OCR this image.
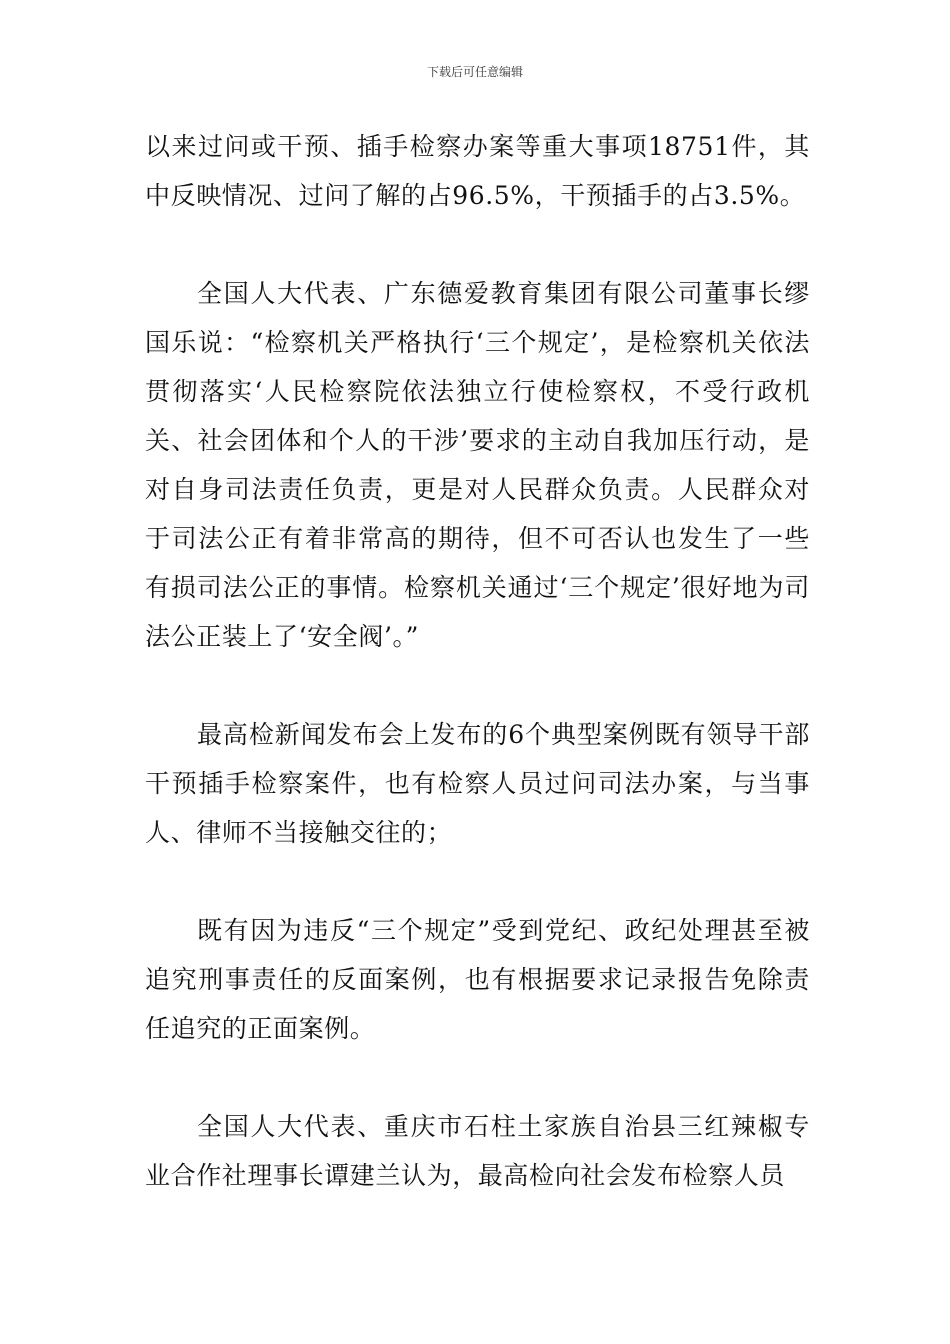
下载后可任意编辑

以来过问或干预、插手检察办案等重大事项18751件，其中反映情况、过问了解的占96.5%，干预插手的占3.5%。

全国人大代表、广东德爱教育集团有限公司董事长缪国乐说：“检察机关严格执行‘三个规定’，是检察机关依法贯彻落实‘人民检察院依法独立行使检察权，不受行政机关、社会团体和个人的干涉’要求的主动自我加压行动，是对自身司法责任负责，更是对人民群众负责。人民群众对于司法公正有着非常高的期待，但不可否认也发生了一些有损司法公正的事情。检察机关通过‘三个规定’很好地为司法公正装上了‘安全阀’。”

最高检新闻发布会上发布的6个典型案例既有领导干部干预插手检察案件，也有检察人员过问司法办案，与当事人、律师不当接触交往的；

既有因为违反“三个规定”受到党纪、政纪处理甚至被追究刑事责任的反面案例，也有根据要求记录报告免除责任追究的正面案例。

全国人大代表、重庆市石柱土家族自治县三红辣椒专业合作社理事长谭建兰认为，最高检向社会发布检察人员
